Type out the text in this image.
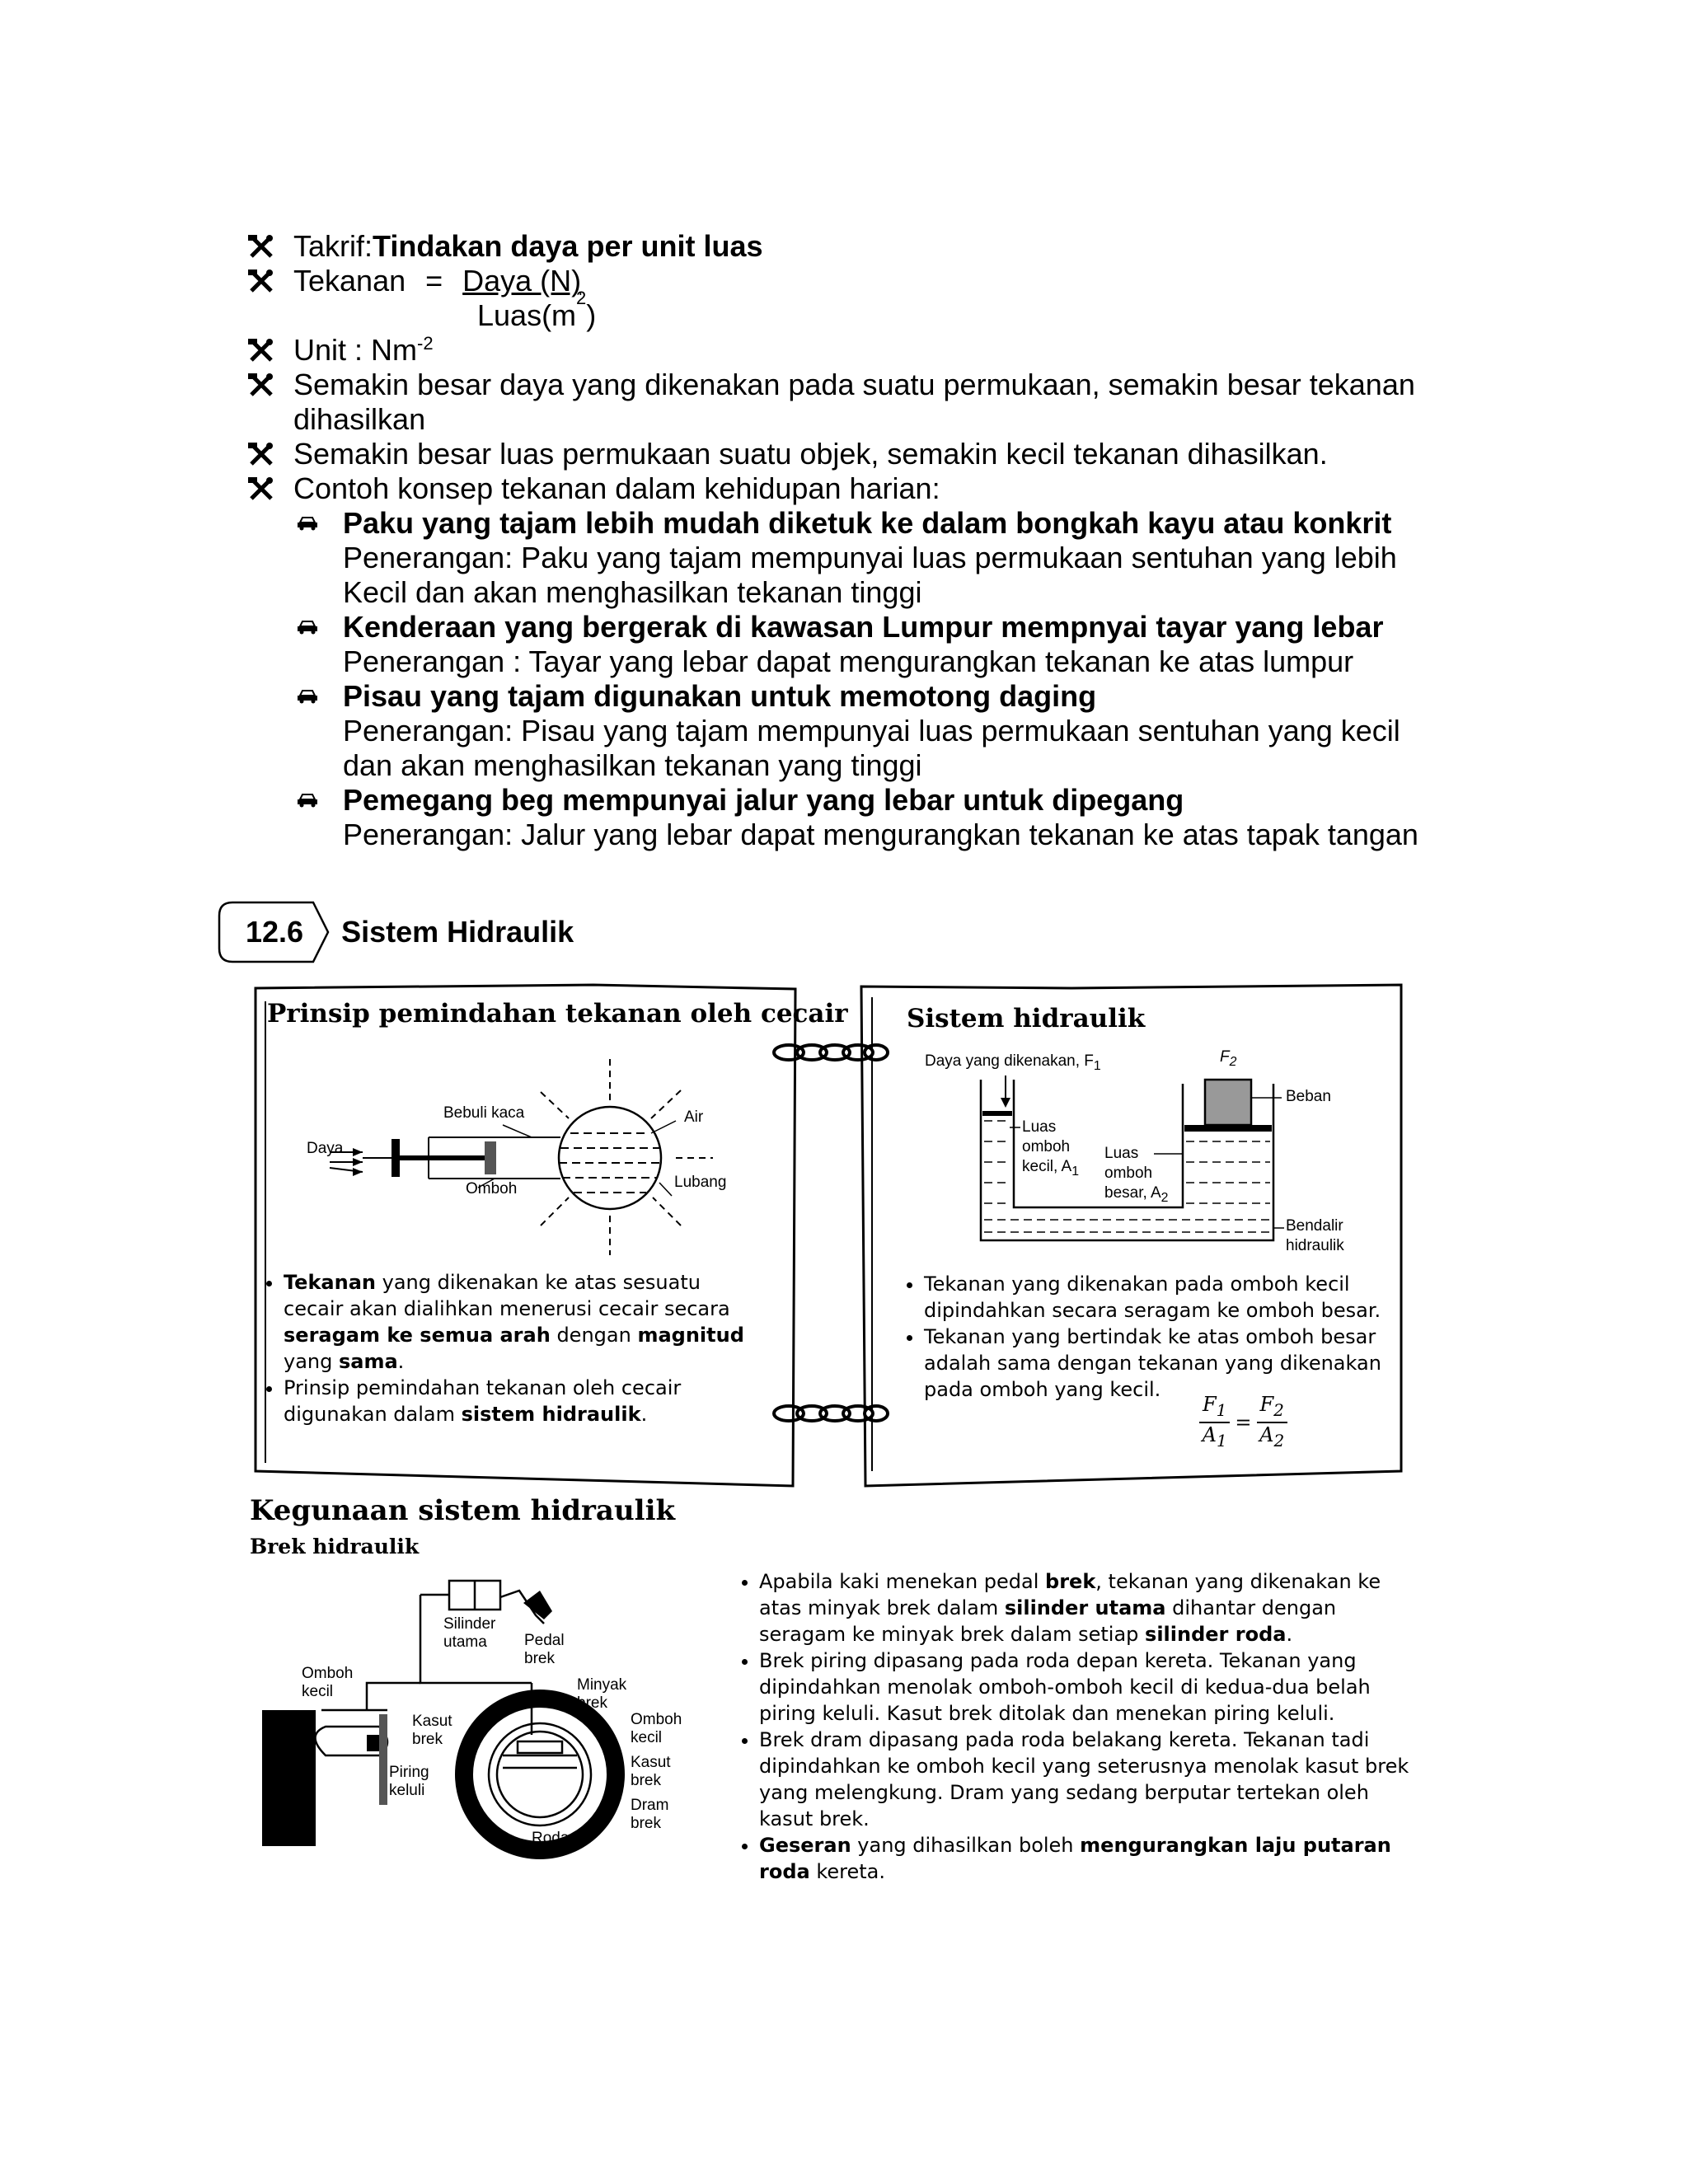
Takrif:Tindakan daya per unit luas
Tekanan = Daya (N)
Luas(m
2
)
Unit : $Nm^{-2}$
Semakin besar daya yang dikenakan pada suatu permukaan, semakin besar tekanan dihasilkan
Semakin besar luas permukaan suatu objek, semakin kecil tekanan dihasilkan.
Contoh konsep tekanan dalam kehidupan harian:
Paku yang tajam lebih mudah diketuk ke dalam bongkah kayu atau konkrit
Penerangan: Paku yang tajam mempunyai luas permukaan sentuhan yang lebih Kecil dan akan menghasilkan tekanan tinggi
Kenderaan yang bergerak di kawasan Lumpur mempnyai tayar yang lebar
Penerangan : Tayar yang lebar dapat mengurangkan tekanan ke atas lumpur
Pisau yang tajam digunakan untuk memotong daging
Penerangan: Pisau yang tajam mempunyai luas permukaan sentuhan yang kecil dan akan menghasilkan tekanan yang tinggi
Pemegang beg mempunyai jalur yang lebar untuk dipegang
Penerangan: Jalur yang lebar dapat mengurangkan tekanan ke atas tapak tangan
12.6 Sistem Hidraulik
Prinsip pemindahan tekanan oleh cecair
Bebuli kaca	Air
Daya
Omboh	Lubang
• Tekanan yang dikenakan ke atas sesuatu cecair akan dialihkan menerusi cecair secara seragam ke semua arah dengan magnitud yang sama.
• Prinsip pemindahan tekanan oleh cecair digunakan dalam sistem hidraulik.
Sistem hidraulik
Daya yang dikenakan, $F_1$
$F_2$
Beban
Luas
omboh
kecil, $A_1$
Luas
omboh
besar, $A_2$
Bendalir
hidraulik
• Tekanan yang dikenakan pada omboh kecil dipindahkan secara seragam ke omboh besar.
• Tekanan yang bertindak ke atas omboh besar adalah sama dengan tekanan yang dikenakan pada omboh yang kecil.
$\frac{F_1}{A_1} = \frac{F_2}{A_2}$
Kegunaan sistem hidraulik
Brek hidraulik
Silinder
utama	Pedal
brek
Omboh
kecil	Minyak
brek
Kasut
brek
Omboh
kecil
Kasut
brek
Piring
keluli
Dram
brek
Roda	Roda
• Apabila kaki menekan pedal brek, tekanan yang dikenakan ke atas minyak brek dalam silinder utama dihantar dengan seragam ke minyak brek dalam setiap silinder roda.
• Brek piring dipasang pada roda depan kereta. Tekanan yang dipindahkan menolak omboh-omboh kecil di kedua-dua belah piring keluli. Kasut brek ditolak dan menekan piring keluli.
• Brek dram dipasang pada roda belakang kereta. Tekanan tadi dipindahkan ke omboh kecil yang seterusnya menolak kasut brek yang melengkung. Dram yang sedang berputar tertekan oleh kasut brek.
• Geseran yang dihasilkan boleh mengurangkan laju putaran roda kereta.
